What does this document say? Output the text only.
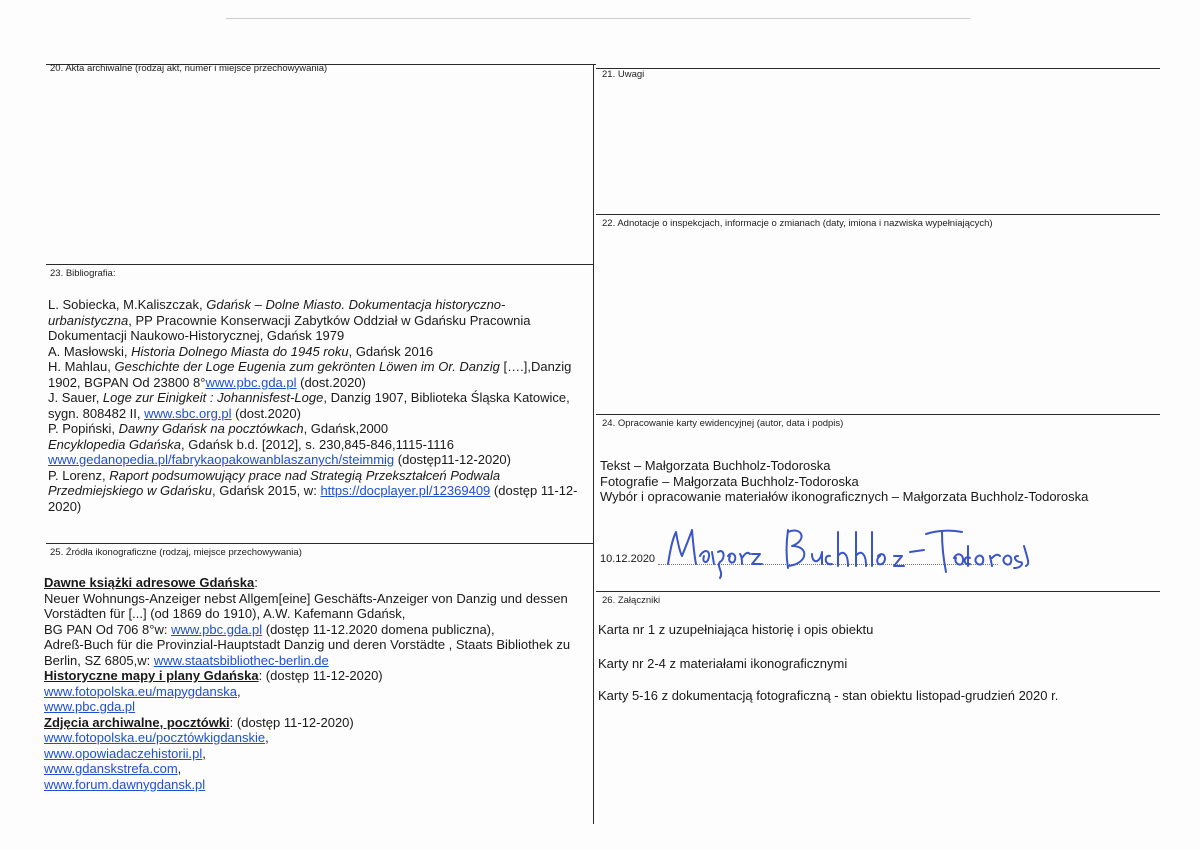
20. Akta archiwalne (rodzaj akt, numer i miejsce przechowywania)
21. Uwagi
22. Adnotacje o inspekcjach, informacje o zmianach (daty, imiona i nazwiska wypełniających)
23. Bibliografia:
24. Opracowanie karty ewidencyjnej (autor, data i podpis)
25. Źródła ikonograficzne (rodzaj, miejsce przechowywania)
26. Załączniki

L. Sobiecka, M.Kaliszczak, Gdańsk – Dolne Miasto. Dokumentacja historyczno-urbanistyczna, PP Pracownie Konserwacji Zabytków Oddział w Gdańsku Pracownia Dokumentacji Naukowo-Historycznej, Gdańsk 1979

A. Masłowski, Historia Dolnego Miasta do 1945 roku, Gdańsk 2016

H. Mahlau, Geschichte der Loge Eugenia zum gekrönten Löwen im Or. Danzig [….],Danzig 1902, BGPAN Od 23800 8°www.pbc.gda.pl (dost.2020)

J. Sauer, Loge zur Einigkeit : Johannisfest-Loge, Danzig 1907, Biblioteka Śląska Katowice, sygn. 808482 II, www.sbc.org.pl (dost.2020)

P. Popiński, Dawny Gdańsk na pocztówkach, Gdańsk,2000

Encyklopedia Gdańska, Gdańsk b.d. [2012], s. 230,845-846,1115-1116

www.gedanopedia.pl/fabrykaopakowanblaszanych/steimmig (dostęp11-12-2020)

P. Lorenz, Raport podsumowujący prace nad Strategią Przekształceń Podwala Przedmiejskiego w Gdańsku, Gdańsk 2015, w: https://docplayer.pl/12369409 (dostęp 11-12-2020)

Tekst – Małgorzata Buchholz-Todoroska

Fotografie – Małgorzata Buchholz-Todoroska

Wybór i opracowanie materiałów ikonograficznych – Małgorzata Buchholz-Todoroska

10.12.2020

Dawne książki adresowe Gdańska:

Neuer Wohnungs-Anzeiger nebst Allgem[eine] Geschäfts-Anzeiger von Danzig und dessen Vorstädten für [...] (od 1869 do 1910), A.W. Kafemann Gdańsk,

BG PAN Od 706 8°w: www.pbc.gda.pl (dostęp 11-12.2020 domena publiczna),

Adreß-Buch für die Provinzial-Hauptstadt Danzig und deren Vorstädte , Staats Bibliothek zu Berlin, SZ 6805,w: www.staatsbibliothec-berlin.de

Historyczne mapy i plany Gdańska: (dostęp 11-12-2020)

www.fotopolska.eu/mapygdanska,

www.pbc.gda.pl

Zdjęcia archiwalne, pocztówki: (dostęp 11-12-2020)

www.fotopolska.eu/pocztówkigdanskie,

www.opowiadaczehistorii.pl,

www.gdanskstrefa.com,

www.forum.dawnygdansk.pl

Karta nr 1 z uzupełniająca historię i opis obiektu
Karty nr 2-4 z materiałami ikonograficznymi
Karty 5-16 z dokumentacją fotograficzną - stan obiektu listopad-grudzień 2020 r.
